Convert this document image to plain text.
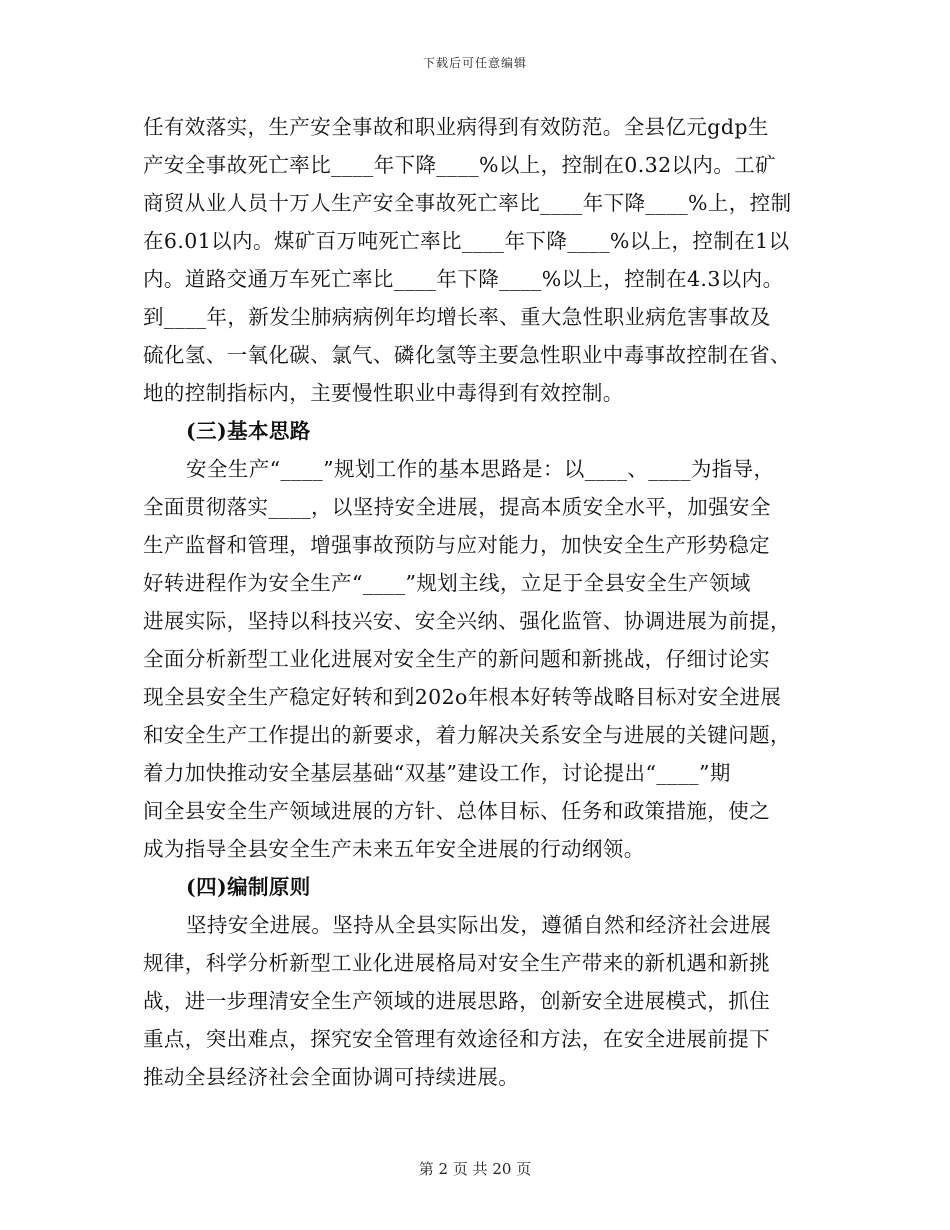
下载后可任意编辑
任有效落实，生产安全事故和职业病得到有效防范。全县亿元gdp生
产安全事故死亡率比____年下降____%以上，控制在0.32以内。工矿
商贸从业人员十万人生产安全事故死亡率比____年下降____%上，控制
在6.01以内。煤矿百万吨死亡率比____年下降____%以上，控制在1以
内。道路交通万车死亡率比____年下降____%以上，控制在4.3以内。
到____年，新发尘肺病病例年均增长率、重大急性职业病危害事故及
硫化氢、一氧化碳、氯气、磷化氢等主要急性职业中毒事故控制在省、
地的控制指标内，主要慢性职业中毒得到有效控制。
(三)基本思路
安全生产“____”规划工作的基本思路是：以____、____为指导，
全面贯彻落实____，以坚持安全进展，提高本质安全水平，加强安全
生产监督和管理，增强事故预防与应对能力，加快安全生产形势稳定
好转进程作为安全生产“____”规划主线，立足于全县安全生产领域
进展实际，坚持以科技兴安、安全兴纳、强化监管、协调进展为前提，
全面分析新型工业化进展对安全生产的新问题和新挑战，仔细讨论实
现全县安全生产稳定好转和到202o年根本好转等战略目标对安全进展
和安全生产工作提出的新要求，着力解决关系安全与进展的关键问题，
着力加快推动安全基层基础“双基”建设工作，讨论提出“____”期
间全县安全生产领域进展的方针、总体目标、任务和政策措施，使之
成为指导全县安全生产未来五年安全进展的行动纲领。
(四)编制原则
坚持安全进展。坚持从全县实际出发，遵循自然和经济社会进展
规律，科学分析新型工业化进展格局对安全生产带来的新机遇和新挑
战，进一步理清安全生产领域的进展思路，创新安全进展模式，抓住
重点，突出难点，探究安全管理有效途径和方法，在安全进展前提下
推动全县经济社会全面协调可持续进展。
第 2 页 共 20 页
